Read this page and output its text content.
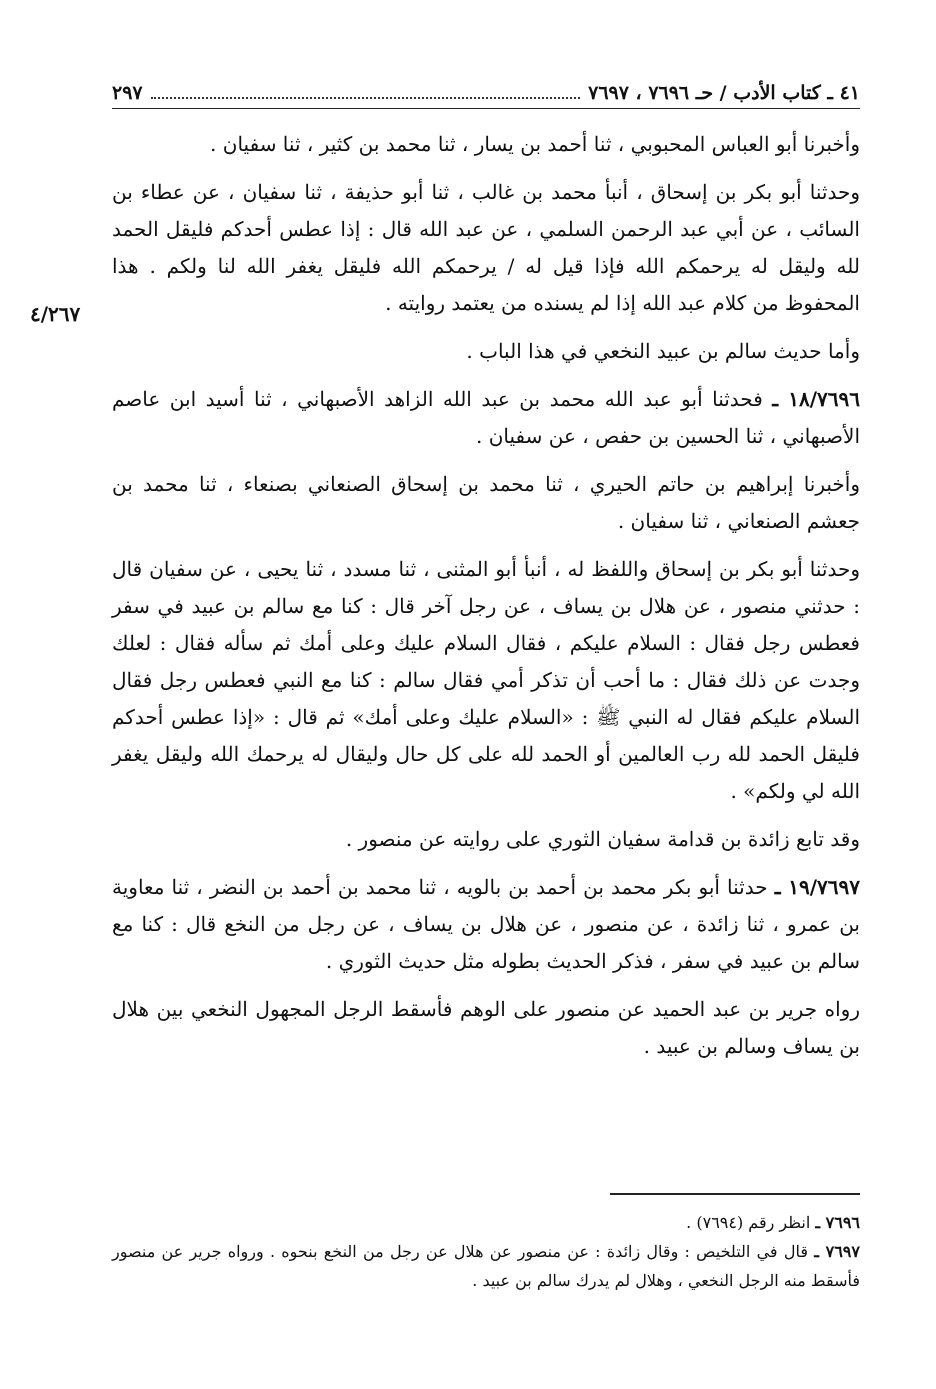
٤١ ـ كتاب الأدب / حـ ٧٦٩٦ ، ٧٦٩٧
٢٩٧
٤/٢٦٧

وأخبرنا أبو العباس المحبوبي ، ثنا أحمد بن يسار ، ثنا محمد بن كثير ، ثنا سفيان .

وحدثنا أبو بكر بن إسحاق ، أنبأ محمد بن غالب ، ثنا أبو حذيفة ، ثنا سفيان ، عن عطاء بن السائب ، عن أبي عبد الرحمن السلمي ، عن عبد الله قال : إذا عطس أحدكم فليقل الحمد لله وليقل له يرحمكم الله فإذا قيل له / يرحمكم الله فليقل يغفر الله لنا ولكم . هذا المحفوظ من كلام عبد الله إذا لم يسنده من يعتمد روايته .

وأما حديث سالم بن عبيد النخعي في هذا الباب .

١٨/٧٦٩٦ ـ فحدثنا أبو عبد الله محمد بن عبد الله الزاهد الأصبهاني ، ثنا أسيد ابن عاصم الأصبهاني ، ثنا الحسين بن حفص ، عن سفيان .

وأخبرنا إبراهيم بن حاتم الحيري ، ثنا محمد بن إسحاق الصنعاني بصنعاء ، ثنا محمد بن جعشم الصنعاني ، ثنا سفيان .

وحدثنا أبو بكر بن إسحاق واللفظ له ، أنبأ أبو المثنى ، ثنا مسدد ، ثنا يحيى ، عن سفيان قال : حدثني منصور ، عن هلال بن يساف ، عن رجل آخر قال : كنا مع سالم بن عبيد في سفر فعطس رجل فقال : السلام عليكم ، فقال السلام عليك وعلى أمك ثم سأله فقال : لعلك وجدت عن ذلك فقال : ما أحب أن تذكر أمي فقال سالم : كنا مع النبي فعطس رجل فقال السلام عليكم فقال له النبي ﷺ : «السلام عليك وعلى أمك» ثم قال : «إذا عطس أحدكم فليقل الحمد لله رب العالمين أو الحمد لله على كل حال وليقال له يرحمك الله وليقل يغفر الله لي ولكم» .

وقد تابع زائدة بن قدامة سفيان الثوري على روايته عن منصور .

١٩/٧٦٩٧ ـ حدثنا أبو بكر محمد بن أحمد بن بالويه ، ثنا محمد بن أحمد بن النضر ، ثنا معاوية بن عمرو ، ثنا زائدة ، عن منصور ، عن هلال بن يساف ، عن رجل من النخع قال : كنا مع سالم بن عبيد في سفر ، فذكر الحديث بطوله مثل حديث الثوري .

رواه جرير بن عبد الحميد عن منصور على الوهم فأسقط الرجل المجهول النخعي بين هلال بن يساف وسالم بن عبيد .

٧٦٩٦ ـ انظر رقم (٧٦٩٤) .

٧٦٩٧ ـ قال في التلخيص : وقال زائدة : عن منصور عن هلال عن رجل من النخع بنحوه . ورواه جرير عن منصور فأسقط منه الرجل النخعي ، وهلال لم يدرك سالم بن عبيد .
